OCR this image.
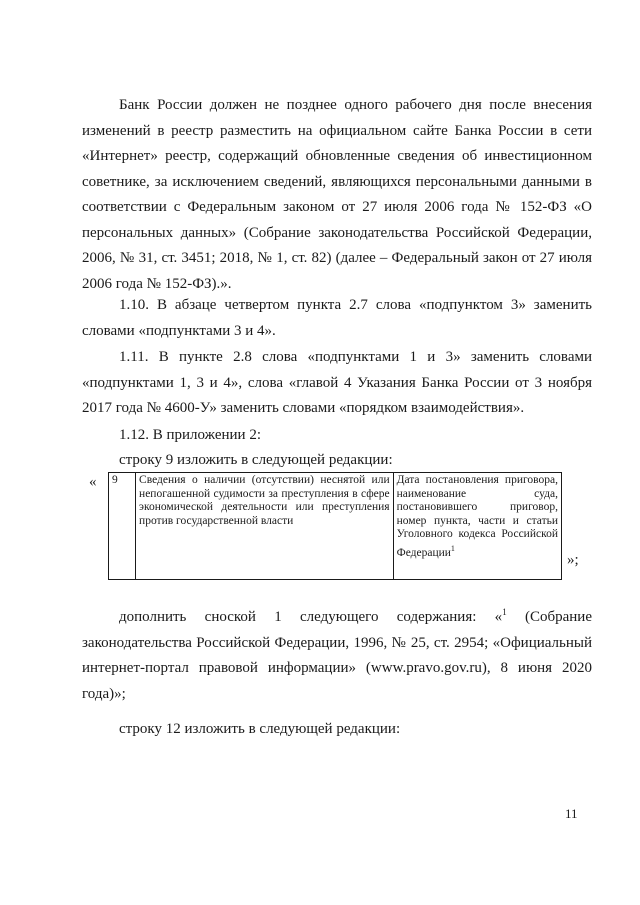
Банк России должен не позднее одного рабочего дня после внесения изменений в реестр разместить на официальном сайте Банка России в сети «Интернет» реестр, содержащий обновленные сведения об инвестиционном советнике, за исключением сведений, являющихся персональными данными в соответствии с Федеральным законом от 27 июля 2006 года № 152-ФЗ «О персональных данных» (Собрание законодательства Российской Федерации, 2006, № 31, ст. 3451; 2018, № 1, ст. 82) (далее – Федеральный закон от 27 июля 2006 года № 152-ФЗ).».

1.10. В абзаце четвертом пункта 2.7 слова «подпунктом 3» заменить словами «подпунктами 3 и 4».

1.11. В пункте 2.8 слова «подпунктами 1 и 3» заменить словами «подпунктами 1, 3 и 4», слова «главой 4 Указания Банка России от 3 ноября 2017 года № 4600-У» заменить словами «порядком взаимодействия».

1.12. В приложении 2:

строку 9 изложить в следующей редакции:

« 9	Сведения о наличии (отсутствии) неснятой или непогашенной судимости за преступления в сфере экономической деятельности или преступления против государственной власти	Дата постановления приговора, наименование суда, постановившего приговор, номер пункта, части и статьи Уголовного кодекса Российской Федерации$^1$
»;

дополнить сноской 1 следующего содержания: «$^1$ (Собрание законодательства Российской Федерации, 1996, № 25, ст. 2954; «Официальный интернет-портал правовой информации» (www.pravo.gov.ru), 8 июня 2020 года)»;

строку 12 изложить в следующей редакции:

11
